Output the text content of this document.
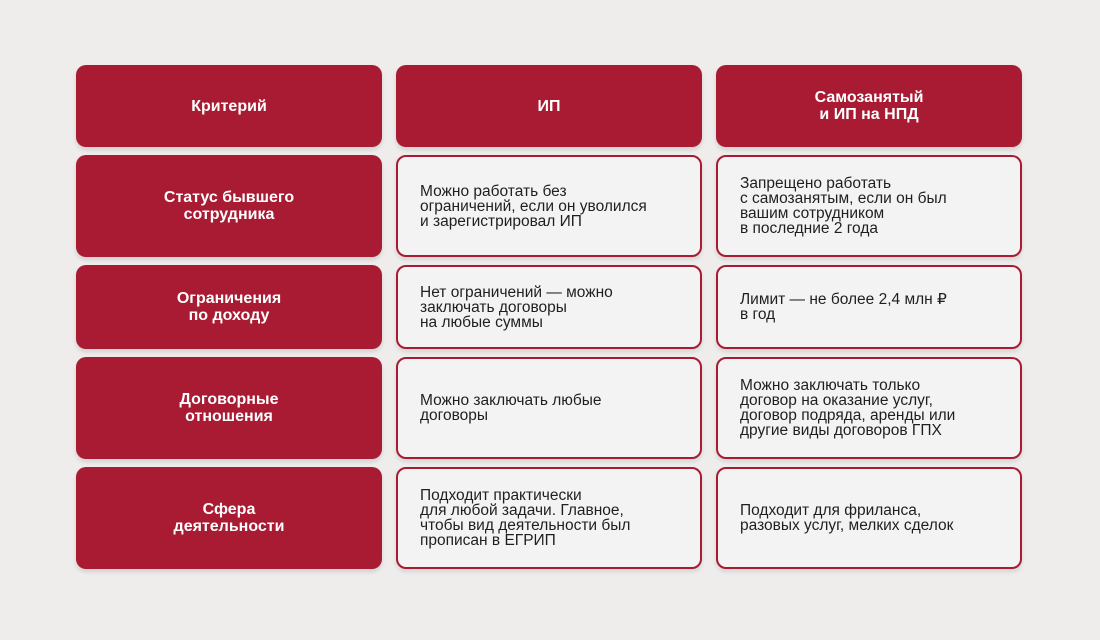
Критерий	ИП	Самозанятый
и ИП на НПД
Статус бывшего
сотрудника
Можно работать без
ограничений, если он уволился
и зарегистрировал ИП
Запрещено работать
с самозанятым, если он был
вашим сотрудником
в последние 2 года
Ограничения
по доходу
Нет ограничений — можно
заключать договоры
на любые суммы
Лимит — не более 2,4 млн ₽
в год
Договорные
отношения
Можно заключать любые
договоры
Можно заключать только
договор на оказание услуг,
договор подряда, аренды или
другие виды договоров ГПХ
Сфера
деятельности
Подходит практически
для любой задачи. Главное,
чтобы вид деятельности был
прописан в ЕГРИП
Подходит для фриланса,
разовых услуг, мелких сделок
